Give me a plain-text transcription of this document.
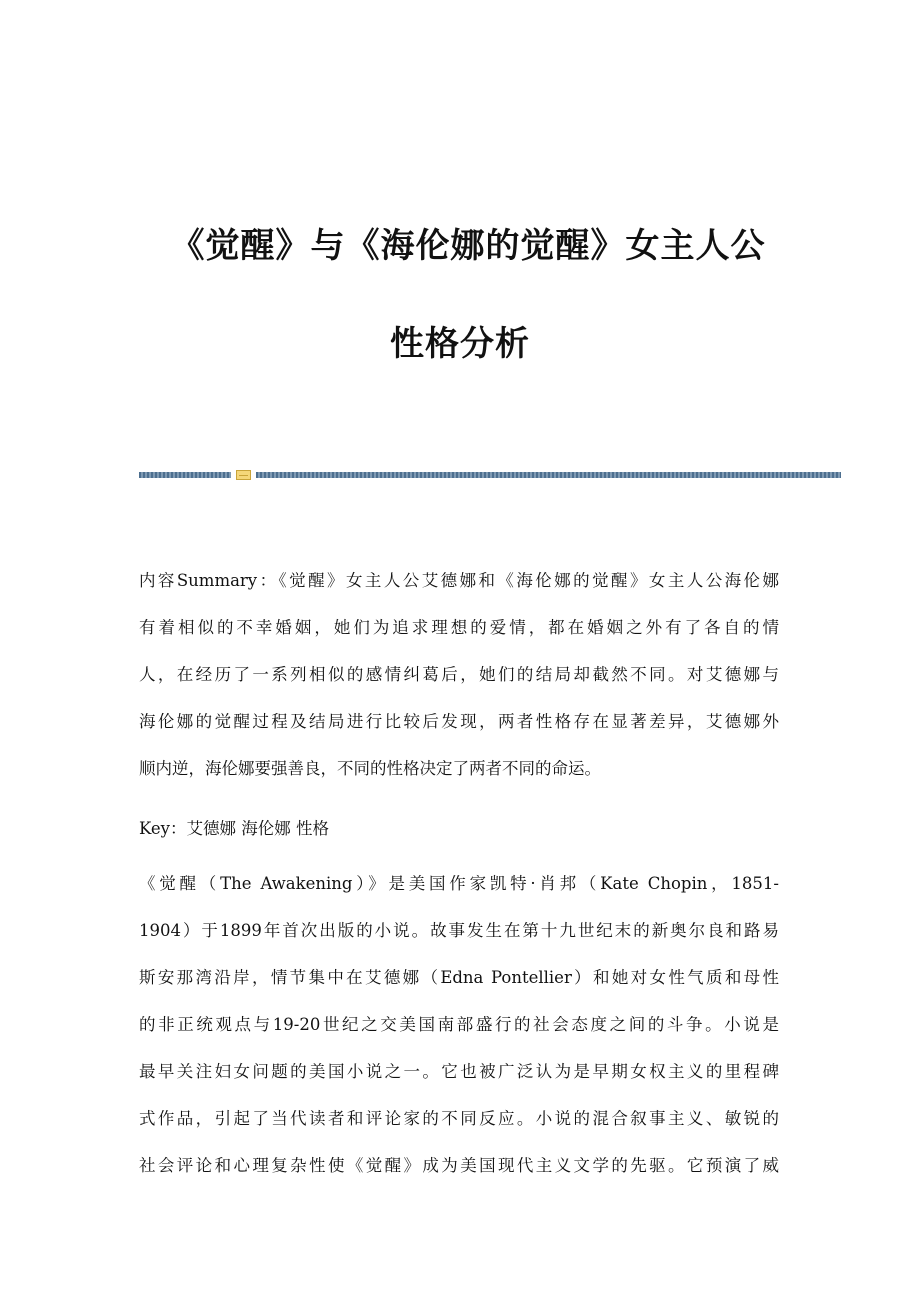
《觉醒》与《海伦娜的觉醒》女主人公
性格分析
内容Summary：《觉醒》女主人公艾德娜和《海伦娜的觉醒》女主人公海伦娜
有着相似的不幸婚姻，她们为追求理想的爱情，都在婚姻之外有了各自的情
人，在经历了一系列相似的感情纠葛后，她们的结局却截然不同。对艾德娜与
海伦娜的觉醒过程及结局进行比较后发现，两者性格存在显著差异，艾德娜外
顺内逆，海伦娜要强善良，不同的性格决定了两者不同的命运。
Key：艾德娜 海伦娜 性格
《觉醒（The Awakening）》是美国作家凯特·肖邦（Kate Chopin，1851-
1904）于1899年首次出版的小说。故事发生在第十九世纪末的新奥尔良和路易
斯安那湾沿岸，情节集中在艾德娜（Edna Pontellier）和她对女性气质和母性
的非正统观点与19-20世纪之交美国南部盛行的社会态度之间的斗争。小说是
最早关注妇女问题的美国小说之一。它也被广泛认为是早期女权主义的里程碑
式作品，引起了当代读者和评论家的不同反应。小说的混合叙事主义、敏锐的
社会评论和心理复杂性使《觉醒》成为美国现代主义文学的先驱。它预演了威
